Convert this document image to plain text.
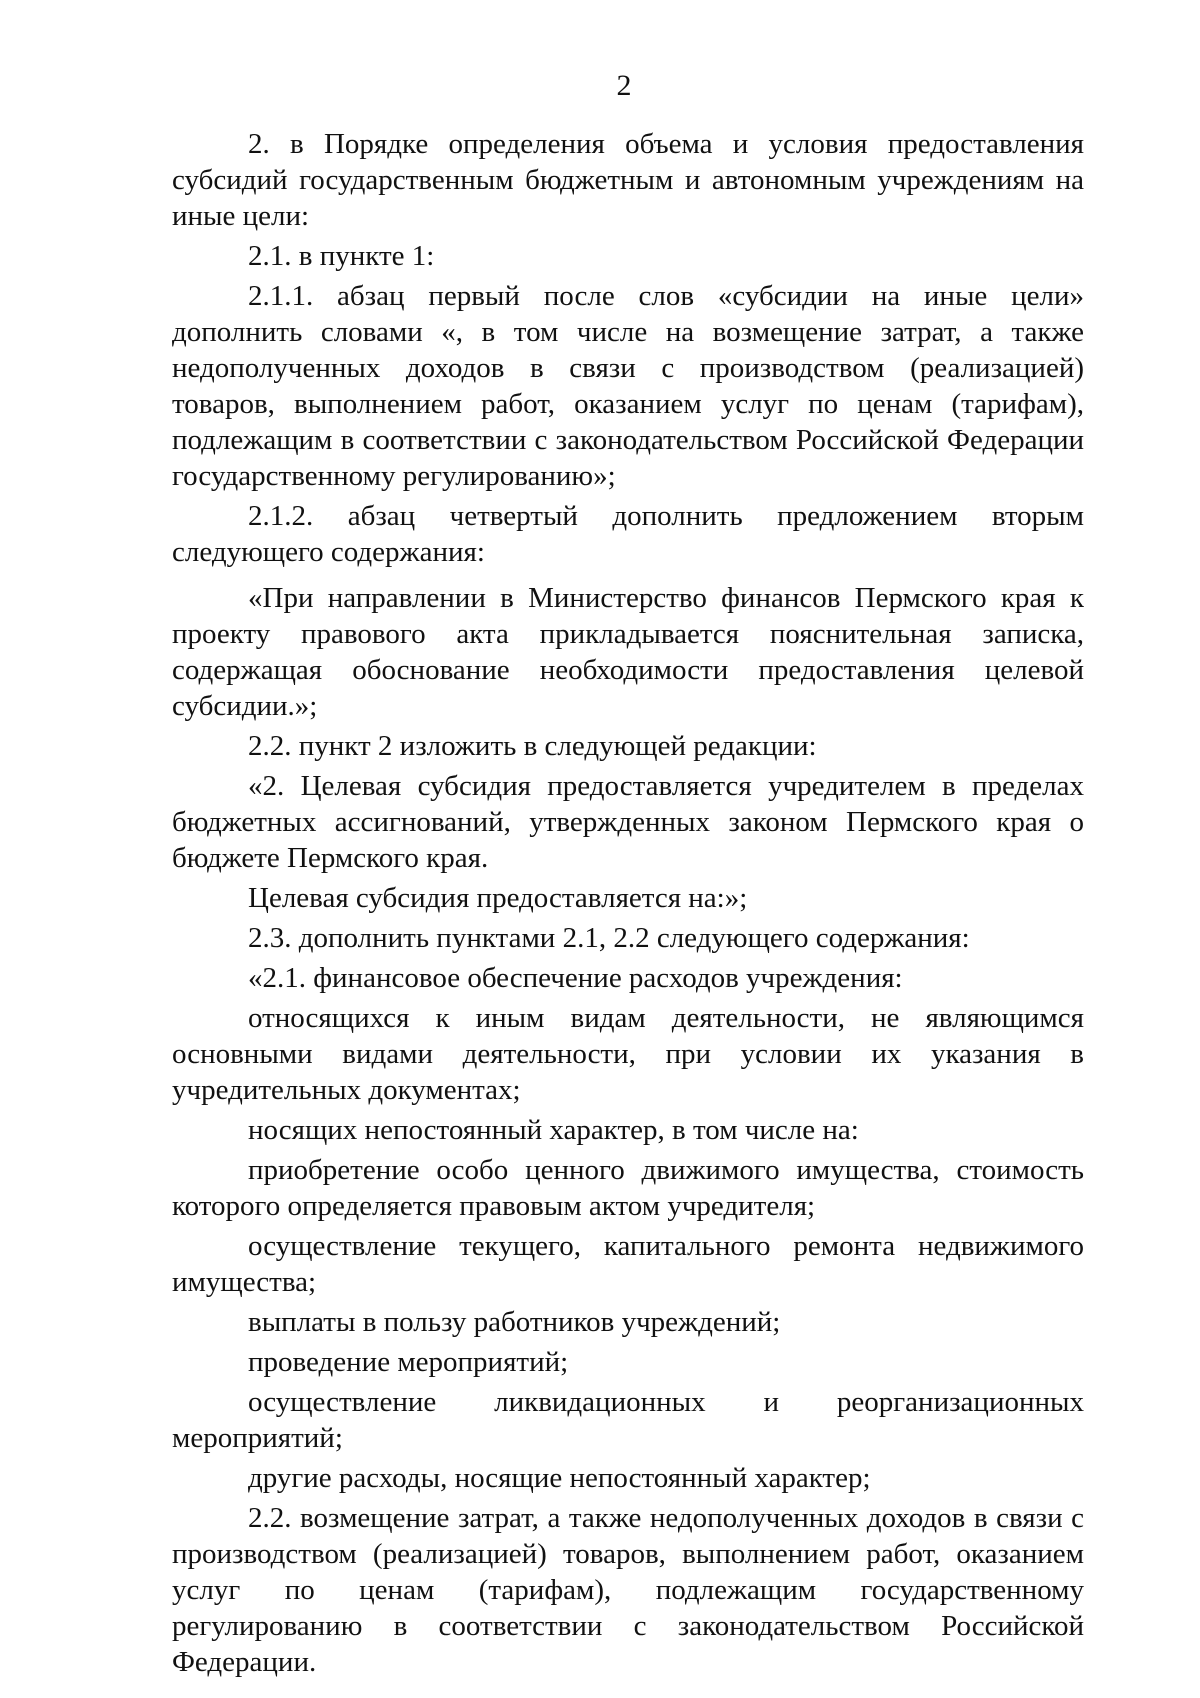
2

2. в Порядке определения объема и условия предоставления субсидий государственным бюджетным и автономным учреждениям на иные цели:

2.1. в пункте 1:

2.1.1. абзац первый после слов «субсидии на иные цели» дополнить словами «, в том числе на возмещение затрат, а также недополученных доходов в связи с производством (реализацией) товаров, выполнением работ, оказанием услуг по ценам (тарифам), подлежащим в соответствии с законодательством Российской Федерации государственному регулированию»;

2.1.2. абзац четвертый дополнить предложением вторым следующего содержания:

«При направлении в Министерство финансов Пермского края к проекту правового акта прикладывается пояснительная записка, содержащая обоснование необходимости предоставления целевой субсидии.»;

2.2. пункт 2 изложить в следующей редакции:

«2. Целевая субсидия предоставляется учредителем в пределах бюджетных ассигнований, утвержденных законом Пермского края о бюджете Пермского края.

Целевая субсидия предоставляется на:»;

2.3. дополнить пунктами 2.1, 2.2 следующего содержания:

«2.1. финансовое обеспечение расходов учреждения:

относящихся к иным видам деятельности, не являющимся основными видами деятельности, при условии их указания в учредительных документах;

носящих непостоянный характер, в том числе на:

приобретение особо ценного движимого имущества, стоимость которого определяется правовым актом учредителя;

осуществление текущего, капитального ремонта недвижимого имущества;

выплаты в пользу работников учреждений;

проведение мероприятий;

осуществление ликвидационных и реорганизационных мероприятий;

другие расходы, носящие непостоянный характер;

2.2. возмещение затрат, а также недополученных доходов в связи с производством (реализацией) товаров, выполнением работ, оказанием услуг по ценам (тарифам), подлежащим государственному регулированию в соответствии с законодательством Российской Федерации.
